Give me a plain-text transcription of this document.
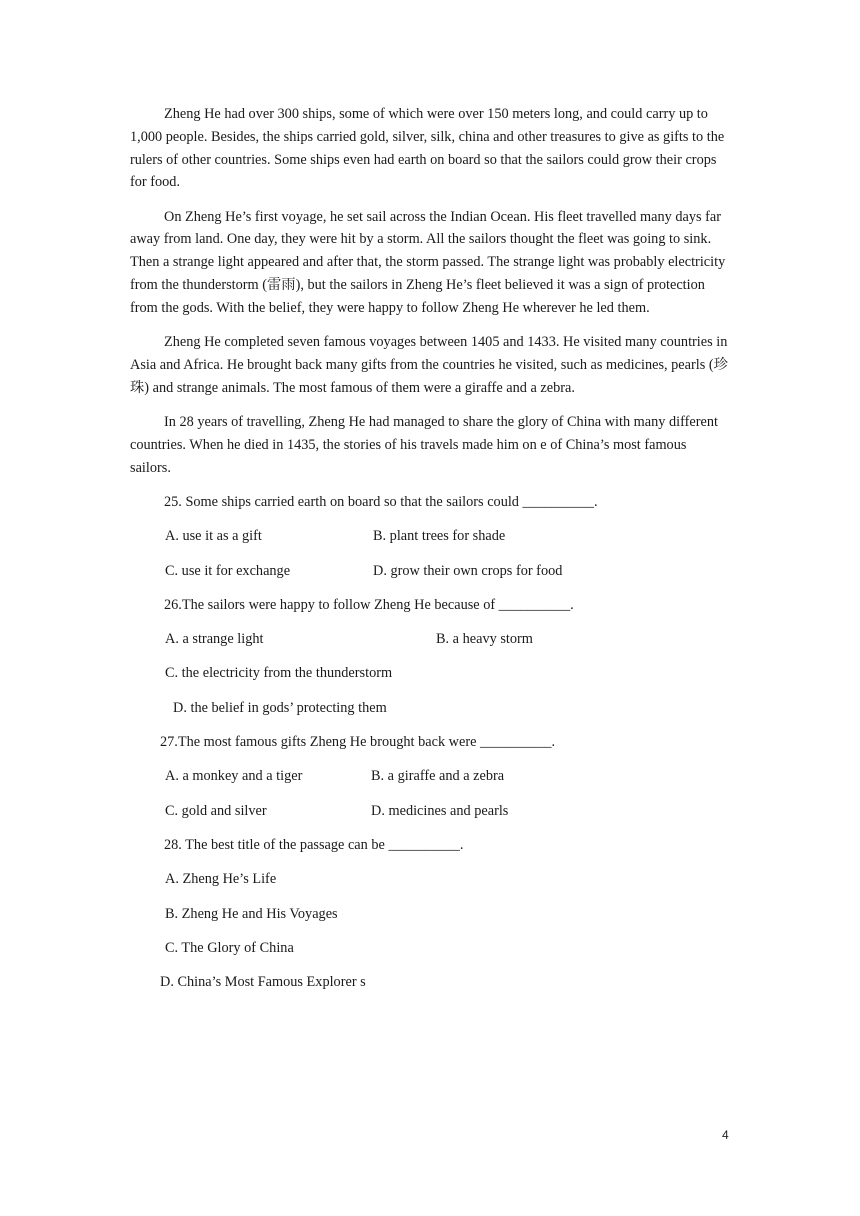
Zheng He had over 300 ships, some of which were over 150 meters long, and could carry up to 1,000 people. Besides, the ships carried gold, silver, silk, china and other treasures to give as gifts to the rulers of other countries. Some ships even had earth on board so that the sailors could grow their crops for food.

On Zheng He’s first voyage, he set sail across the Indian Ocean. His fleet travelled many days far away from land. One day, they were hit by a storm. All the sailors thought the fleet was going to sink. Then a strange light appeared and after that, the storm passed. The strange light was probably electricity from the thunderstorm (雷雨), but the sailors in Zheng He’s fleet believed it was a sign of protection from the gods. With the belief, they were happy to follow Zheng He wherever he led them.

Zheng He completed seven famous voyages between 1405 and 1433. He visited many countries in Asia and Africa. He brought back many gifts from the countries he visited, such as medicines, pearls (珍珠) and strange animals. The most famous of them were a giraffe and a zebra.

In 28 years of travelling, Zheng He had managed to share the glory of China with many different countries. When he died in 1435, the stories of his travels made him on e of China’s most famous sailors.

25. Some ships carried earth on board so that the sailors could __________.
A. use it as a gift	B. plant trees for shade
C. use it for exchange	D. grow their own crops for food
26.The sailors were happy to follow Zheng He because of __________.
A. a strange light	B. a heavy storm
C. the electricity from the thunderstorm
D. the belief in gods’ protecting them
27.The most famous gifts Zheng He brought back were __________.
A. a monkey and a tiger	B. a giraffe and a zebra
C. gold and silver	D. medicines and pearls
28. The best title of the passage can be __________.
A. Zheng He’s Life
B. Zheng He and His Voyages
C. The Glory of China
D. China’s Most Famous Explorer s
4
